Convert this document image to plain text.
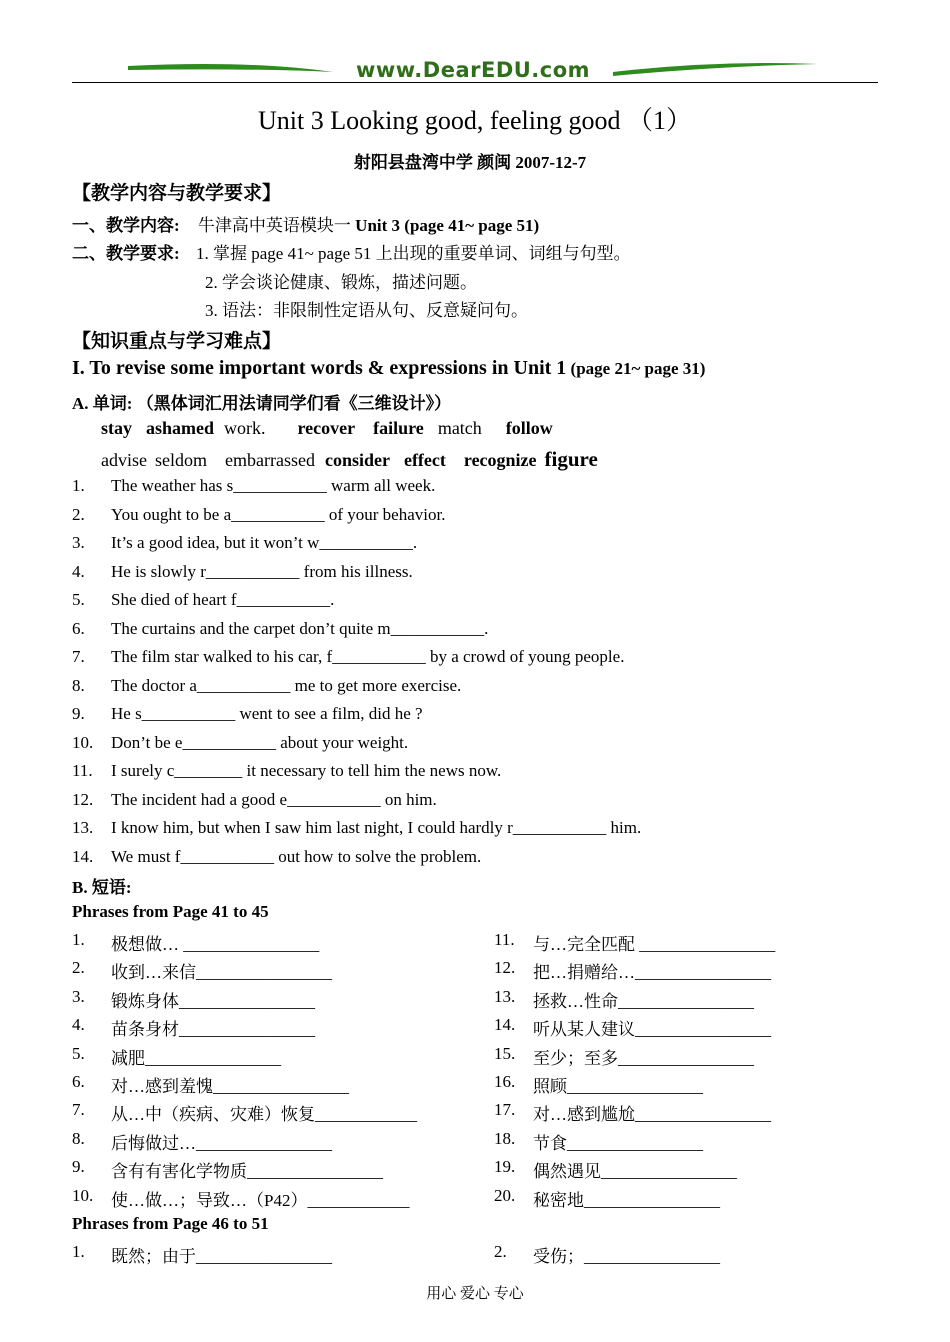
www.DearEDU.com
Unit 3 Looking good, feeling good （1）
射阳县盘湾中学 颜闽 2007-12-7
【教学内容与教学要求】
一、教学内容: 牛津高中英语模块一 Unit 3 (page 41~ page 51)
二、教学要求: 1. 掌握 page 41~ page 51 上出现的重要单词、词组与句型。
2. 学会谈论健康、锻炼，描述问题。
3. 语法：非限制性定语从句、反意疑问句。
【知识重点与学习难点】
I. To revise some important words & expressions in Unit 1 (page 21~ page 31)
A. 单词: （黑体词汇用法请同学们看《三维设计》）
stay ashamed work. recover failure match follow
advise seldom embarrassed consider effect recognize figure
1. The weather has s___________ warm all week.
2. You ought to be a___________ of your behavior.
3. It’s a good idea, but it won’t w___________.
4. He is slowly r___________ from his illness.
5. She died of heart f___________.
6. The curtains and the carpet don’t quite m___________.
7. The film star walked to his car, f___________ by a crowd of young people.
8. The doctor a___________ me to get more exercise.
9. He s___________ went to see a film, did he ?
10. Don’t be e___________ about your weight.
11. I surely c________ it necessary to tell him the news now.
12. The incident had a good e___________ on him.
13. I know him, but when I saw him last night, I could hardly r___________ him.
14. We must f___________ out how to solve the problem.
B. 短语:
Phrases from Page 41 to 45
1. 极想做… ________________	11. 与…完全匹配 ________________
2. 收到…来信________________	12. 把…捐赠给…________________
3. 锻炼身体________________	13. 拯救…性命________________
4. 苗条身材________________	14. 听从某人建议________________
5. 减肥________________	15. 至少；至多________________
6. 对…感到羞愧________________	16. 照顾________________
7. 从…中（疾病、灾难）恢复____________	17. 对…感到尴尬________________
8. 后悔做过…________________	18. 节食________________
9. 含有有害化学物质________________	19. 偶然遇见________________
10. 使…做…；导致…（P42）____________	20. 秘密地________________
Phrases from Page 46 to 51
1. 既然；由于________________	2. 受伤；________________
用心 爱心 专心
